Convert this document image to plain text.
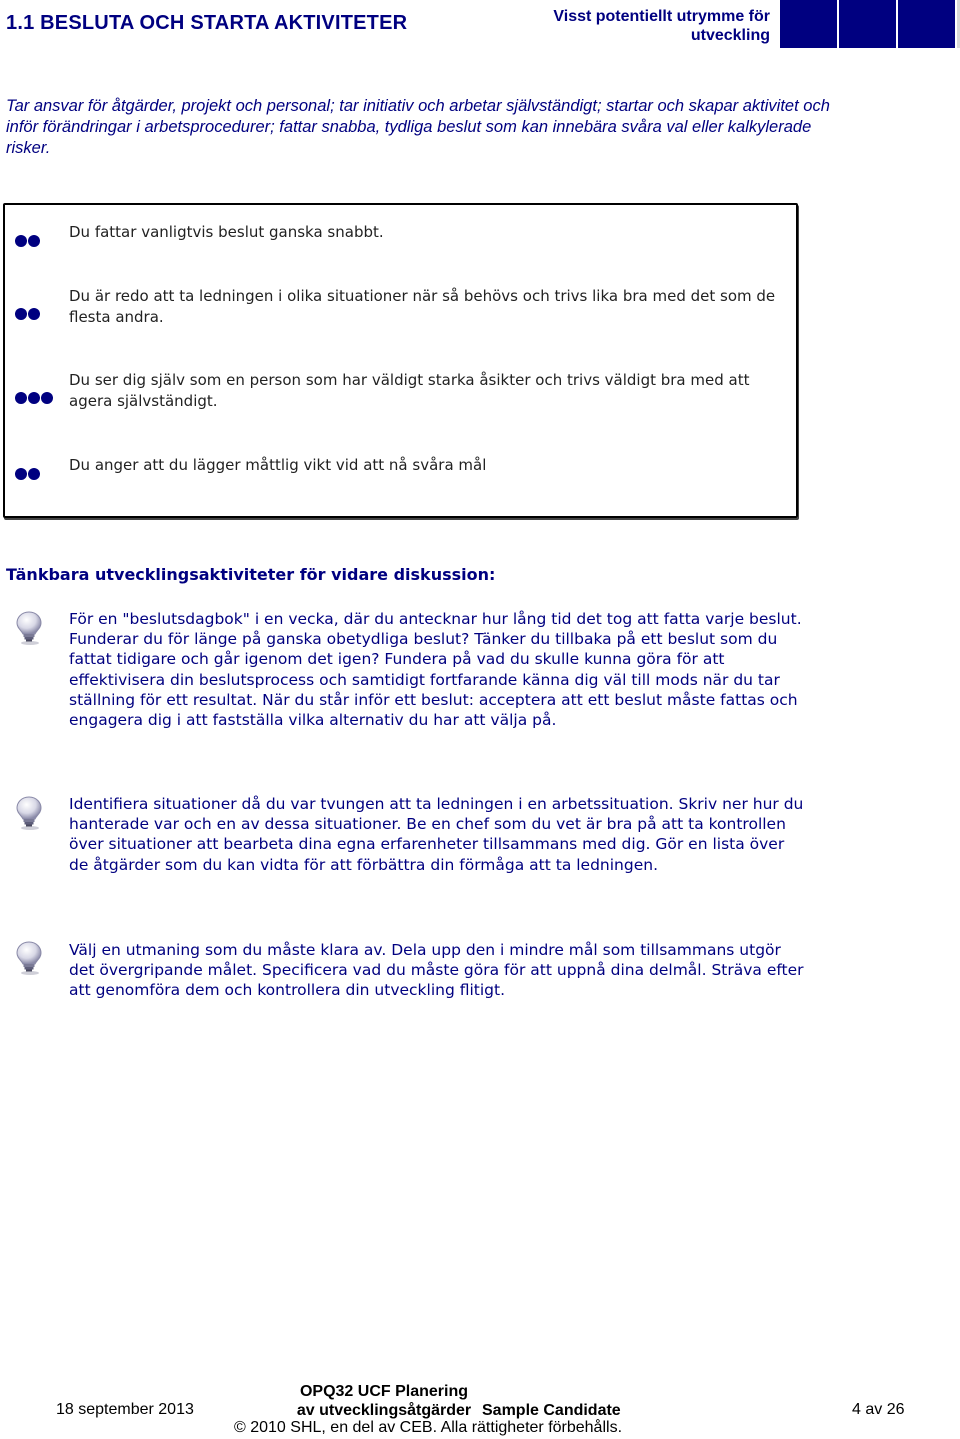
1.1 BESLUTA OCH STARTA AKTIVITETER	Visst potentiellt utrymme för utveckling
Tar ansvar för åtgärder, projekt och personal; tar initiativ och arbetar självständigt; startar och skapar aktivitet och inför förändringar i arbetsprocedurer; fattar snabba, tydliga beslut som kan innebära svåra val eller kalkylerade risker.
Du fattar vanligtvis beslut ganska snabbt.
Du är redo att ta ledningen i olika situationer när så behövs och trivs lika bra med det som de flesta andra.
Du ser dig själv som en person som har väldigt starka åsikter och trivs väldigt bra med att agera självständigt.
Du anger att du lägger måttlig vikt vid att nå svåra mål
Tänkbara utvecklingsaktiviteter för vidare diskussion:
För en "beslutsdagbok" i en vecka, där du antecknar hur lång tid det tog att fatta varje beslut. Funderar du för länge på ganska obetydliga beslut? Tänker du tillbaka på ett beslut som du fattat tidigare och går igenom det igen? Fundera på vad du skulle kunna göra för att effektivisera din beslutsprocess och samtidigt fortfarande känna dig väl till mods när du tar ställning för ett resultat. När du står inför ett beslut: acceptera att ett beslut måste fattas och engagera dig i att fastställa vilka alternativ du har att välja på.
Identifiera situationer då du var tvungen att ta ledningen i en arbetssituation. Skriv ner hur du hanterade var och en av dessa situationer. Be en chef som du vet är bra på att ta kontrollen över situationer att bearbeta dina egna erfarenheter tillsammans med dig. Gör en lista över de åtgärder som du kan vidta för att förbättra din förmåga att ta ledningen.
Välj en utmaning som du måste klara av. Dela upp den i mindre mål som tillsammans utgör det övergripande målet. Specificera vad du måste göra för att uppnå dina delmål. Sträva efter att genomföra dem och kontrollera din utveckling flitigt.
18 september 2013
OPQ32 UCF Planering av utvecklingsåtgärder Sample Candidate
© 2010 SHL, en del av CEB. Alla rättigheter förbehålls.
4 av 26
